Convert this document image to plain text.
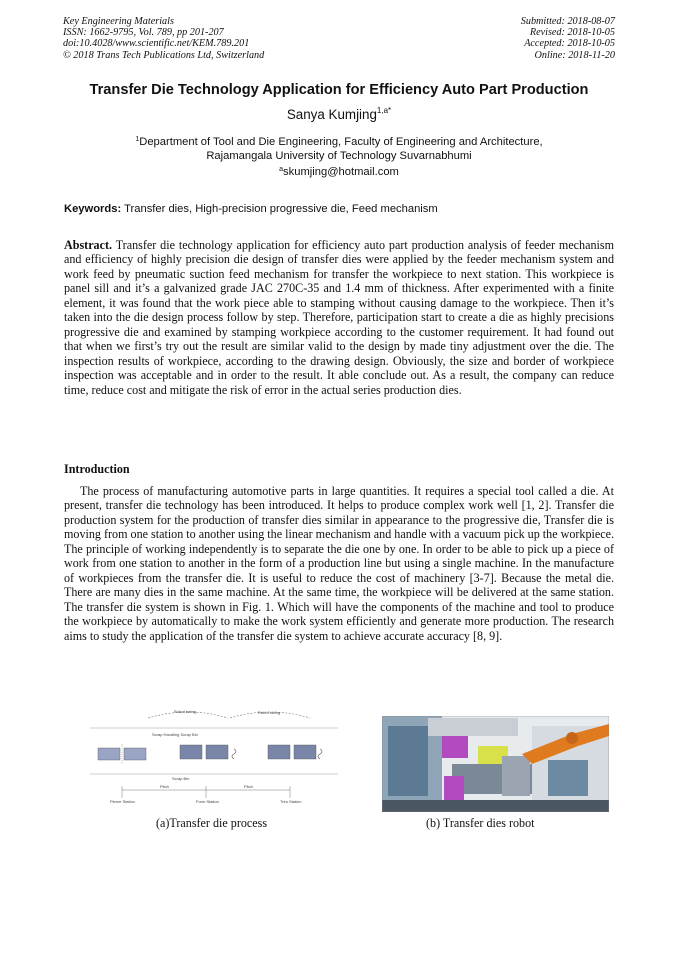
Key Engineering Materials
ISSN: 1662-9795, Vol. 789, pp 201-207
doi:10.4028/www.scientific.net/KEM.789.201
© 2018 Trans Tech Publications Ltd, Switzerland
Submitted: 2018-08-07
Revised: 2018-10-05
Accepted: 2018-10-05
Online: 2018-11-20
Transfer Die Technology Application for Efficiency Auto Part Production
Sanya Kumjing$^{1,a*}$
$^1$Department of Tool and Die Engineering, Faculty of Engineering and Architecture,
Rajamangala University of Technology Suvarnabhumi
$^a$skumjing@hotmail.com
Keywords: Transfer dies, High-precision progressive die, Feed mechanism
Abstract. Transfer die technology application for efficiency auto part production analysis of feeder mechanism and efficiency of highly precision die design of transfer dies were applied by the feeder mechanism system and work feed by pneumatic suction feed mechanism for transfer the workpiece to next station. This workpiece is panel sill and it’s a galvanized grade JAC 270C-35 and 1.4 mm of thickness. After experimented with a finite element, it was found that the work piece able to stamping without causing damage to the workpiece. Then it’s taken into the die design process follow by step. Therefore, participation start to create a die as highly precisions progressive die and examined by stamping workpiece according to the customer requirement. It had found out that when we first’s try out the result are similar valid to the design by made tiny adjustment over the die. The inspection results of workpiece, according to the drawing design. Obviously, the size and border of workpiece inspection was acceptable and in order to the result. It able conclude out. As a result, the company can reduce time, reduce cost and mitigate the risk of error in the actual series production dies.
Introduction
The process of manufacturing automotive parts in large quantities. It requires a special tool called a die. At present, transfer die technology has been introduced. It helps to produce complex work well [1, 2]. Transfer die production system for the production of transfer dies similar in appearance to the progressive die, Transfer die is moving from one station to another using the linear mechanism and handle with a vacuum pick up the workpiece. The principle of working independently is to separate the die one by one. In order to be able to pick up a piece of work from one station to another in the form of a production line but using a single machine. In the manufacture of workpieces from the transfer die. It is useful to reduce the cost of machinery [3-7]. Because the metal die. There are many dies in the same machine. At the same time, the workpiece will be delivered at the same station. The transfer die system is shown in Fig. 1. Which will have the components of the machine and tool to produce the workpiece by automatically to make the work system efficiently and generate more production. The research aims to study the application of the transfer die system to achieve accurate accuracy [8, 9].
Robot swing	Robot swing
Scrap Handling Scrap Bin
Scrap Bin
Pitch	Pitch
Pierce Station	Form Station	Trim Station
(a)Transfer die process	(b) Transfer dies robot
